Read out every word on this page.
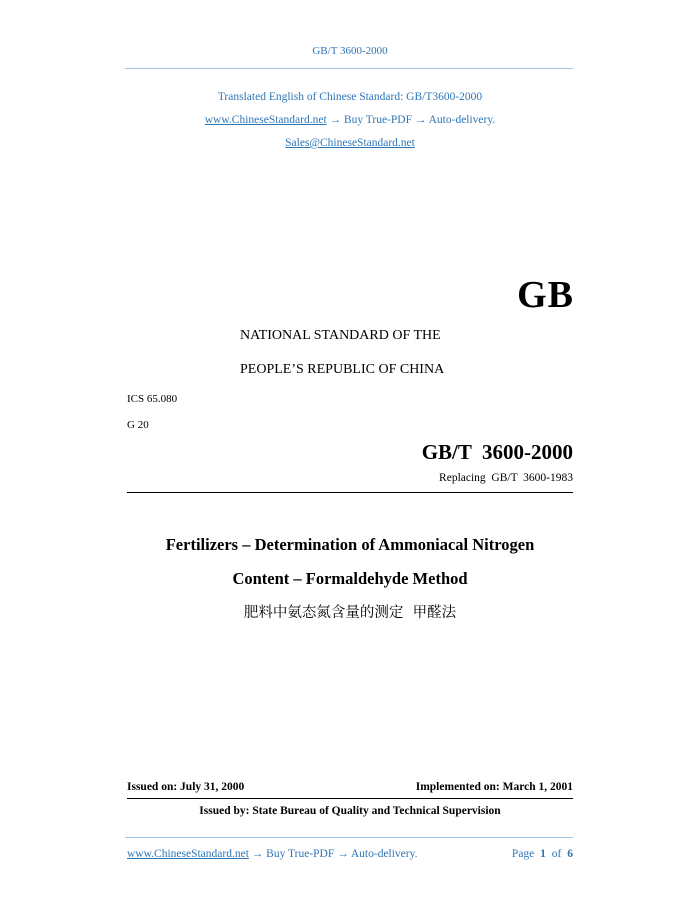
GB/T 3600-2000
Translated English of Chinese Standard: GB/T3600-2000
www.ChineseStandard.net → Buy True-PDF → Auto-delivery.
Sales@ChineseStandard.net
GB
NATIONAL STANDARD OF THE
PEOPLE’S REPUBLIC OF CHINA
ICS 65.080
G 20
GB/T  3600-2000
Replacing  GB/T  3600-1983
Fertilizers – Determination of Ammoniacal Nitrogen
Content – Formaldehyde Method
肥料中氨态氮含量的测定  甲醛法
Issued on: July 31, 2000	Implemented on: March 1, 2001
Issued by: State Bureau of Quality and Technical Supervision
www.ChineseStandard.net → Buy True-PDF → Auto-delivery.	Page 1 of 6
